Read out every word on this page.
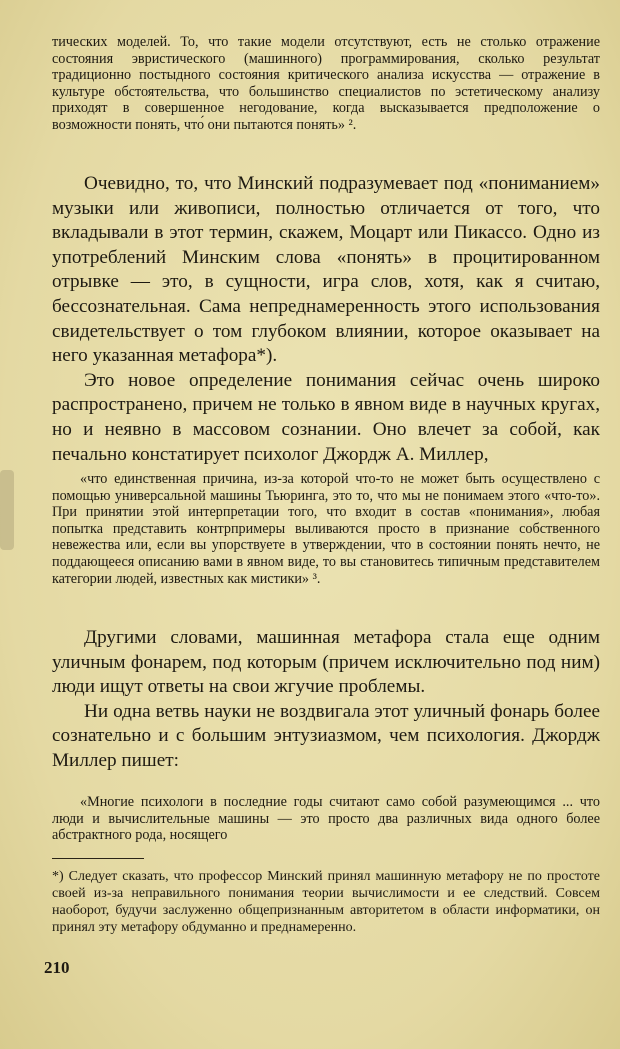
тических моделей. То, что такие модели отсутствуют, есть не столько отражение состояния эвристического (машинного) программирования, сколько результат традиционно постыдного состояния критического анализа искусства — отражение в культуре обстоятельства, что большинство специалистов по эстетическому анализу приходят в совершенное негодование, когда высказывается предположение о возможности понять, что́ они пытаются понять» ².

Очевидно, то, что Минский подразумевает под «пониманием» музыки или живописи, полностью отличается от того, что вкладывали в этот термин, скажем, Моцарт или Пикассо. Одно из употреблений Минским слова «понять» в процитированном отрывке — это, в сущности, игра слов, хотя, как я считаю, бессознательная. Сама непреднамеренность этого использования свидетельствует о том глубоком влиянии, которое оказывает на него указанная метафора*).

Это новое определение понимания сейчас очень широко распространено, причем не только в явном виде в научных кругах, но и неявно в массовом сознании. Оно влечет за собой, как печально констатирует психолог Джордж А. Миллер,

«что единственная причина, из-за которой что-то не может быть осуществлено с помощью универсальной машины Тьюринга, это то, что мы не понимаем этого «что-то». При принятии этой интерпретации того, что входит в состав «понимания», любая попытка представить контрпримеры выливаются просто в признание собственного невежества или, если вы упорствуете в утверждении, что в состоянии понять нечто, не поддающееся описанию вами в явном виде, то вы становитесь типичным представителем категории людей, известных как мистики» ³.

Другими словами, машинная метафора стала еще одним уличным фонарем, под которым (причем исключительно под ним) люди ищут ответы на свои жгучие проблемы.

Ни одна ветвь науки не воздвигала этот уличный фонарь более сознательно и с большим энтузиазмом, чем психология. Джордж Миллер пишет:

«Многие психологи в последние годы считают само собой разумеющимся ... что люди и вычислительные машины — это просто два различных вида одного более абстрактного рода, носящего

*) Следует сказать, что профессор Минский принял машинную метафору не по простоте своей из-за неправильного понимания теории вычислимости и ее следствий. Совсем наоборот, будучи заслуженно общепризнанным авторитетом в области информатики, он принял эту метафору обдуманно и преднамеренно.

210
